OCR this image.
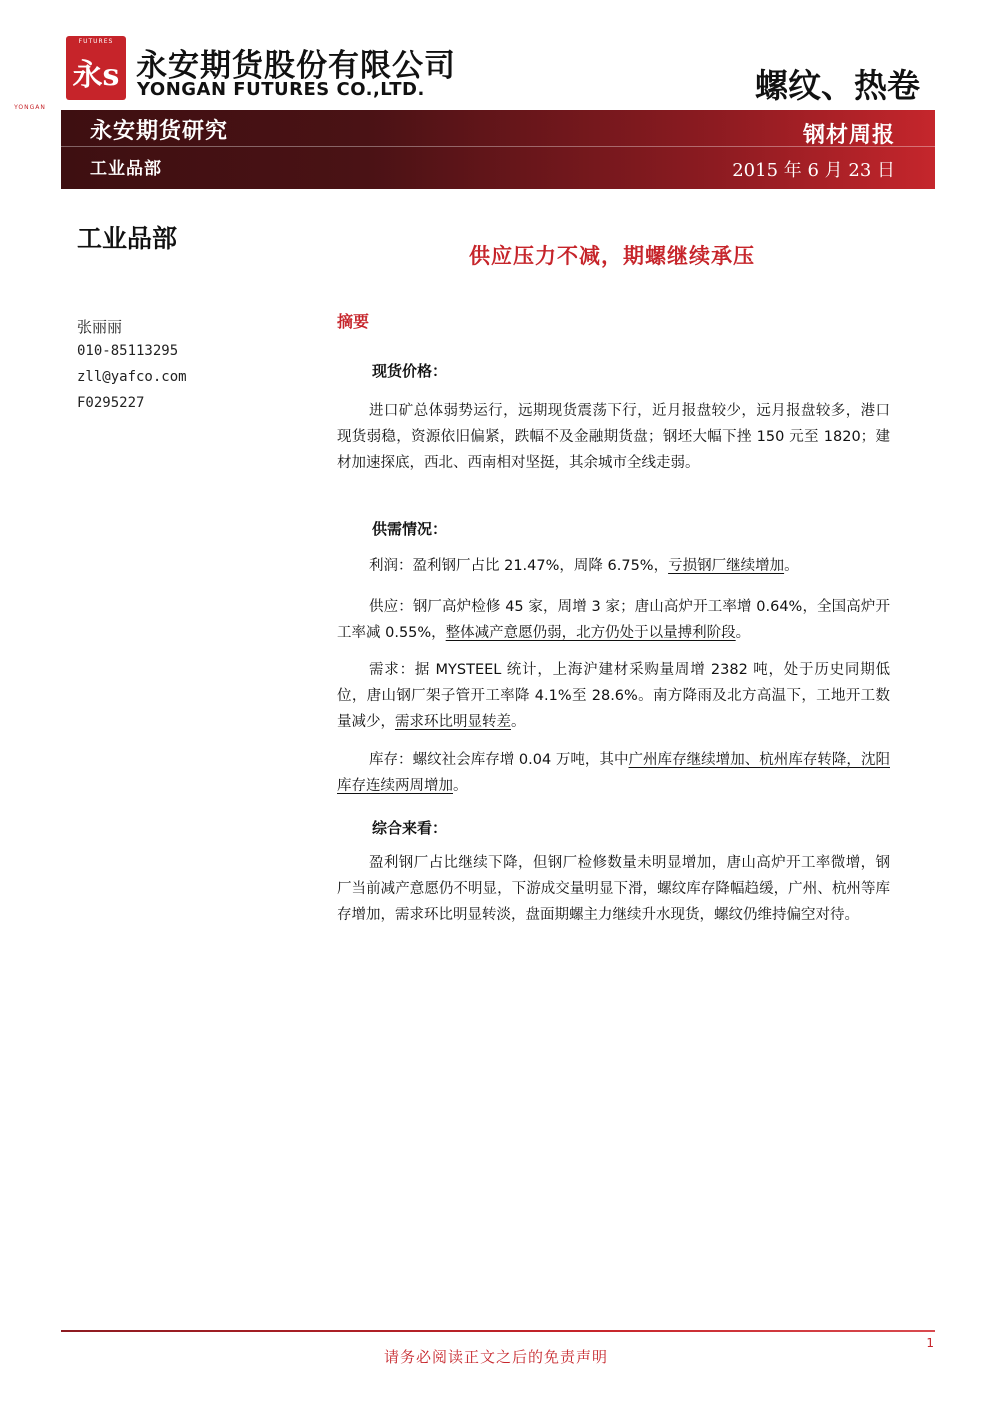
FUTURES
永s
YONGAN
永安期货股份有限公司
YONGAN FUTURES CO.,LTD.	螺纹、热卷
永安期货研究
工业品部
钢材周报
2015 年 6 月 23 日
工业品部
张丽丽
010-85113295
zll@yafco.com
F0295227
供应压力不减，期螺继续承压
摘要
现货价格：

进口矿总体弱势运行，远期现货震荡下行，近月报盘较少，远月报盘较多，港口现货弱稳，资源依旧偏紧，跌幅不及金融期货盘；钢坯大幅下挫 150 元至 1820；建材加速探底，西北、西南相对坚挺，其余城市全线走弱。

供需情况：

利润：盈利钢厂占比 21.47%，周降 6.75%，亏损钢厂继续增加。

供应：钢厂高炉检修 45 家，周增 3 家；唐山高炉开工率增 0.64%，全国高炉开工率减 0.55%，整体减产意愿仍弱，北方仍处于以量搏利阶段。

需求：据 MYSTEEL 统计，上海沪建材采购量周增 2382 吨，处于历史同期低位，唐山钢厂架子管开工率降 4.1%至 28.6%。南方降雨及北方高温下，工地开工数量减少，需求环比明显转差。

库存：螺纹社会库存增 0.04 万吨，其中广州库存继续增加、杭州库存转降，沈阳库存连续两周增加。

综合来看：

盈利钢厂占比继续下降，但钢厂检修数量未明显增加，唐山高炉开工率微增，钢厂当前减产意愿仍不明显，下游成交量明显下滑，螺纹库存降幅趋缓，广州、杭州等库存增加，需求环比明显转淡，盘面期螺主力继续升水现货，螺纹仍维持偏空对待。

1
请务必阅读正文之后的免责声明
